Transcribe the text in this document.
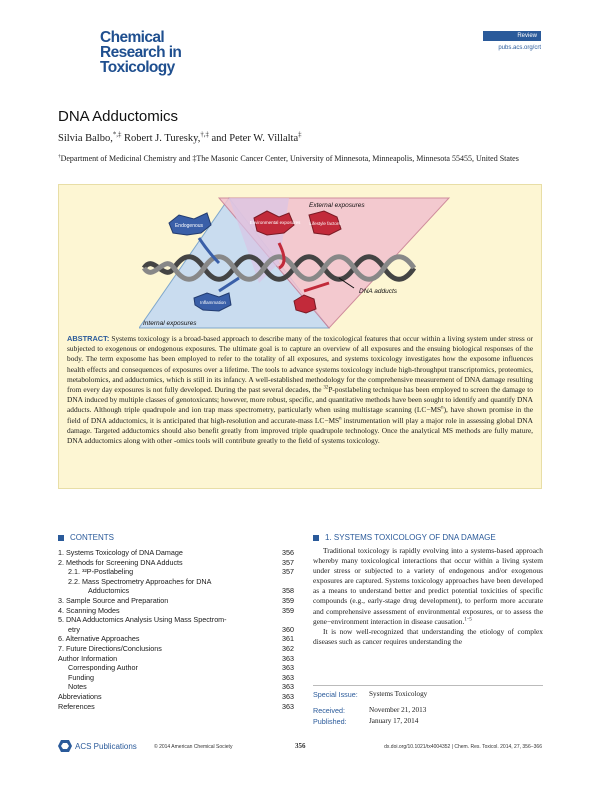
Chemical
Research in
Toxicology
Review
pubs.acs.org/crt
DNA Adductomics
Silvia Balbo,*,‡ Robert J. Turesky,†,‡ and Peter W. Villalta‡
†Department of Medicinal Chemistry and ‡The Masonic Cancer Center, University of Minnesota, Minneapolis, Minnesota 55455, United States
Endogenous
Environmental exposures Lifestyle factors
Inflammation
DNA adducts
External exposures
Internal exposures

ABSTRACT: Systems toxicology is a broad-based approach to describe many of the toxicological features that occur within a living system under stress or subjected to exogenous or endogenous exposures. The ultimate goal is to capture an overview of all exposures and the ensuing biological responses of the body. The term exposome has been employed to refer to the totality of all exposures, and systems toxicology investigates how the exposome influences health effects and consequences of exposures over a lifetime. The tools to advance systems toxicology include high-throughput transcriptomics, proteomics, metabolomics, and adductomics, which is still in its infancy. A well-established methodology for the comprehensive measurement of DNA damage resulting from every day exposures is not fully developed. During the past several decades, the $^{32}$P-postlabeling technique has been employed to screen the damage to DNA induced by multiple classes of genotoxicants; however, more robust, specific, and quantitative methods have been sought to identify and quantify DNA adducts. Although triple quadrupole and ion trap mass spectrometry, particularly when using multistage scanning $(LC-MS^n)$, have shown promise in the field of DNA adductomics, it is anticipated that high-resolution and accurate-mass $LC-MS^n$ instrumentation will play a major role in assessing global DNA damage. Targeted adductomics should also benefit greatly from improved triple quadrupole technology. Once the analytical MS methods are fully mature, DNA adductomics along with other -omics tools will contribute greatly to the field of systems toxicology.

CONTENTS
1. Systems Toxicology of DNA Damage	356
2. Methods for Screening DNA Adducts	357
2.1. ³²P-Postlabeling	357
2.2. Mass Spectrometry Approaches for DNA
Adductomics	358
3. Sample Source and Preparation	359
4. Scanning Modes	359
5. DNA Adductomics Analysis Using Mass Spectrom-
etry	360
6. Alternative Approaches	361
7. Future Directions/Conclusions	362
Author Information	363
Corresponding Author	363
Funding	363
Notes	363
Abbreviations	363
References	363
1. SYSTEMS TOXICOLOGY OF DNA DAMAGE

Traditional toxicology is rapidly evolving into a systems-based approach whereby many toxicological interactions that occur within a living system under stress or subjected to a variety of endogenous and/or exogenous exposures are captured. Systems toxicology approaches have been developed as a means to understand better and predict potential toxicities of specific compounds (e.g., early-stage drug development), to perform more accurate and comprehensive assessment of environmental exposures, or to assess the gene−environment interaction in disease causation.$^{1-5}$

It is now well-recognized that understanding the etiology of complex diseases such as cancer requires understanding the

Special Issue: Systems Toxicology
Received:	November 21, 2013
Published:	January 17, 2014
ACS Publications	© 2014 American Chemical Society	356	dx.doi.org/10.1021/tx4004352 | Chem. Res. Toxicol. 2014, 27, 356−366
